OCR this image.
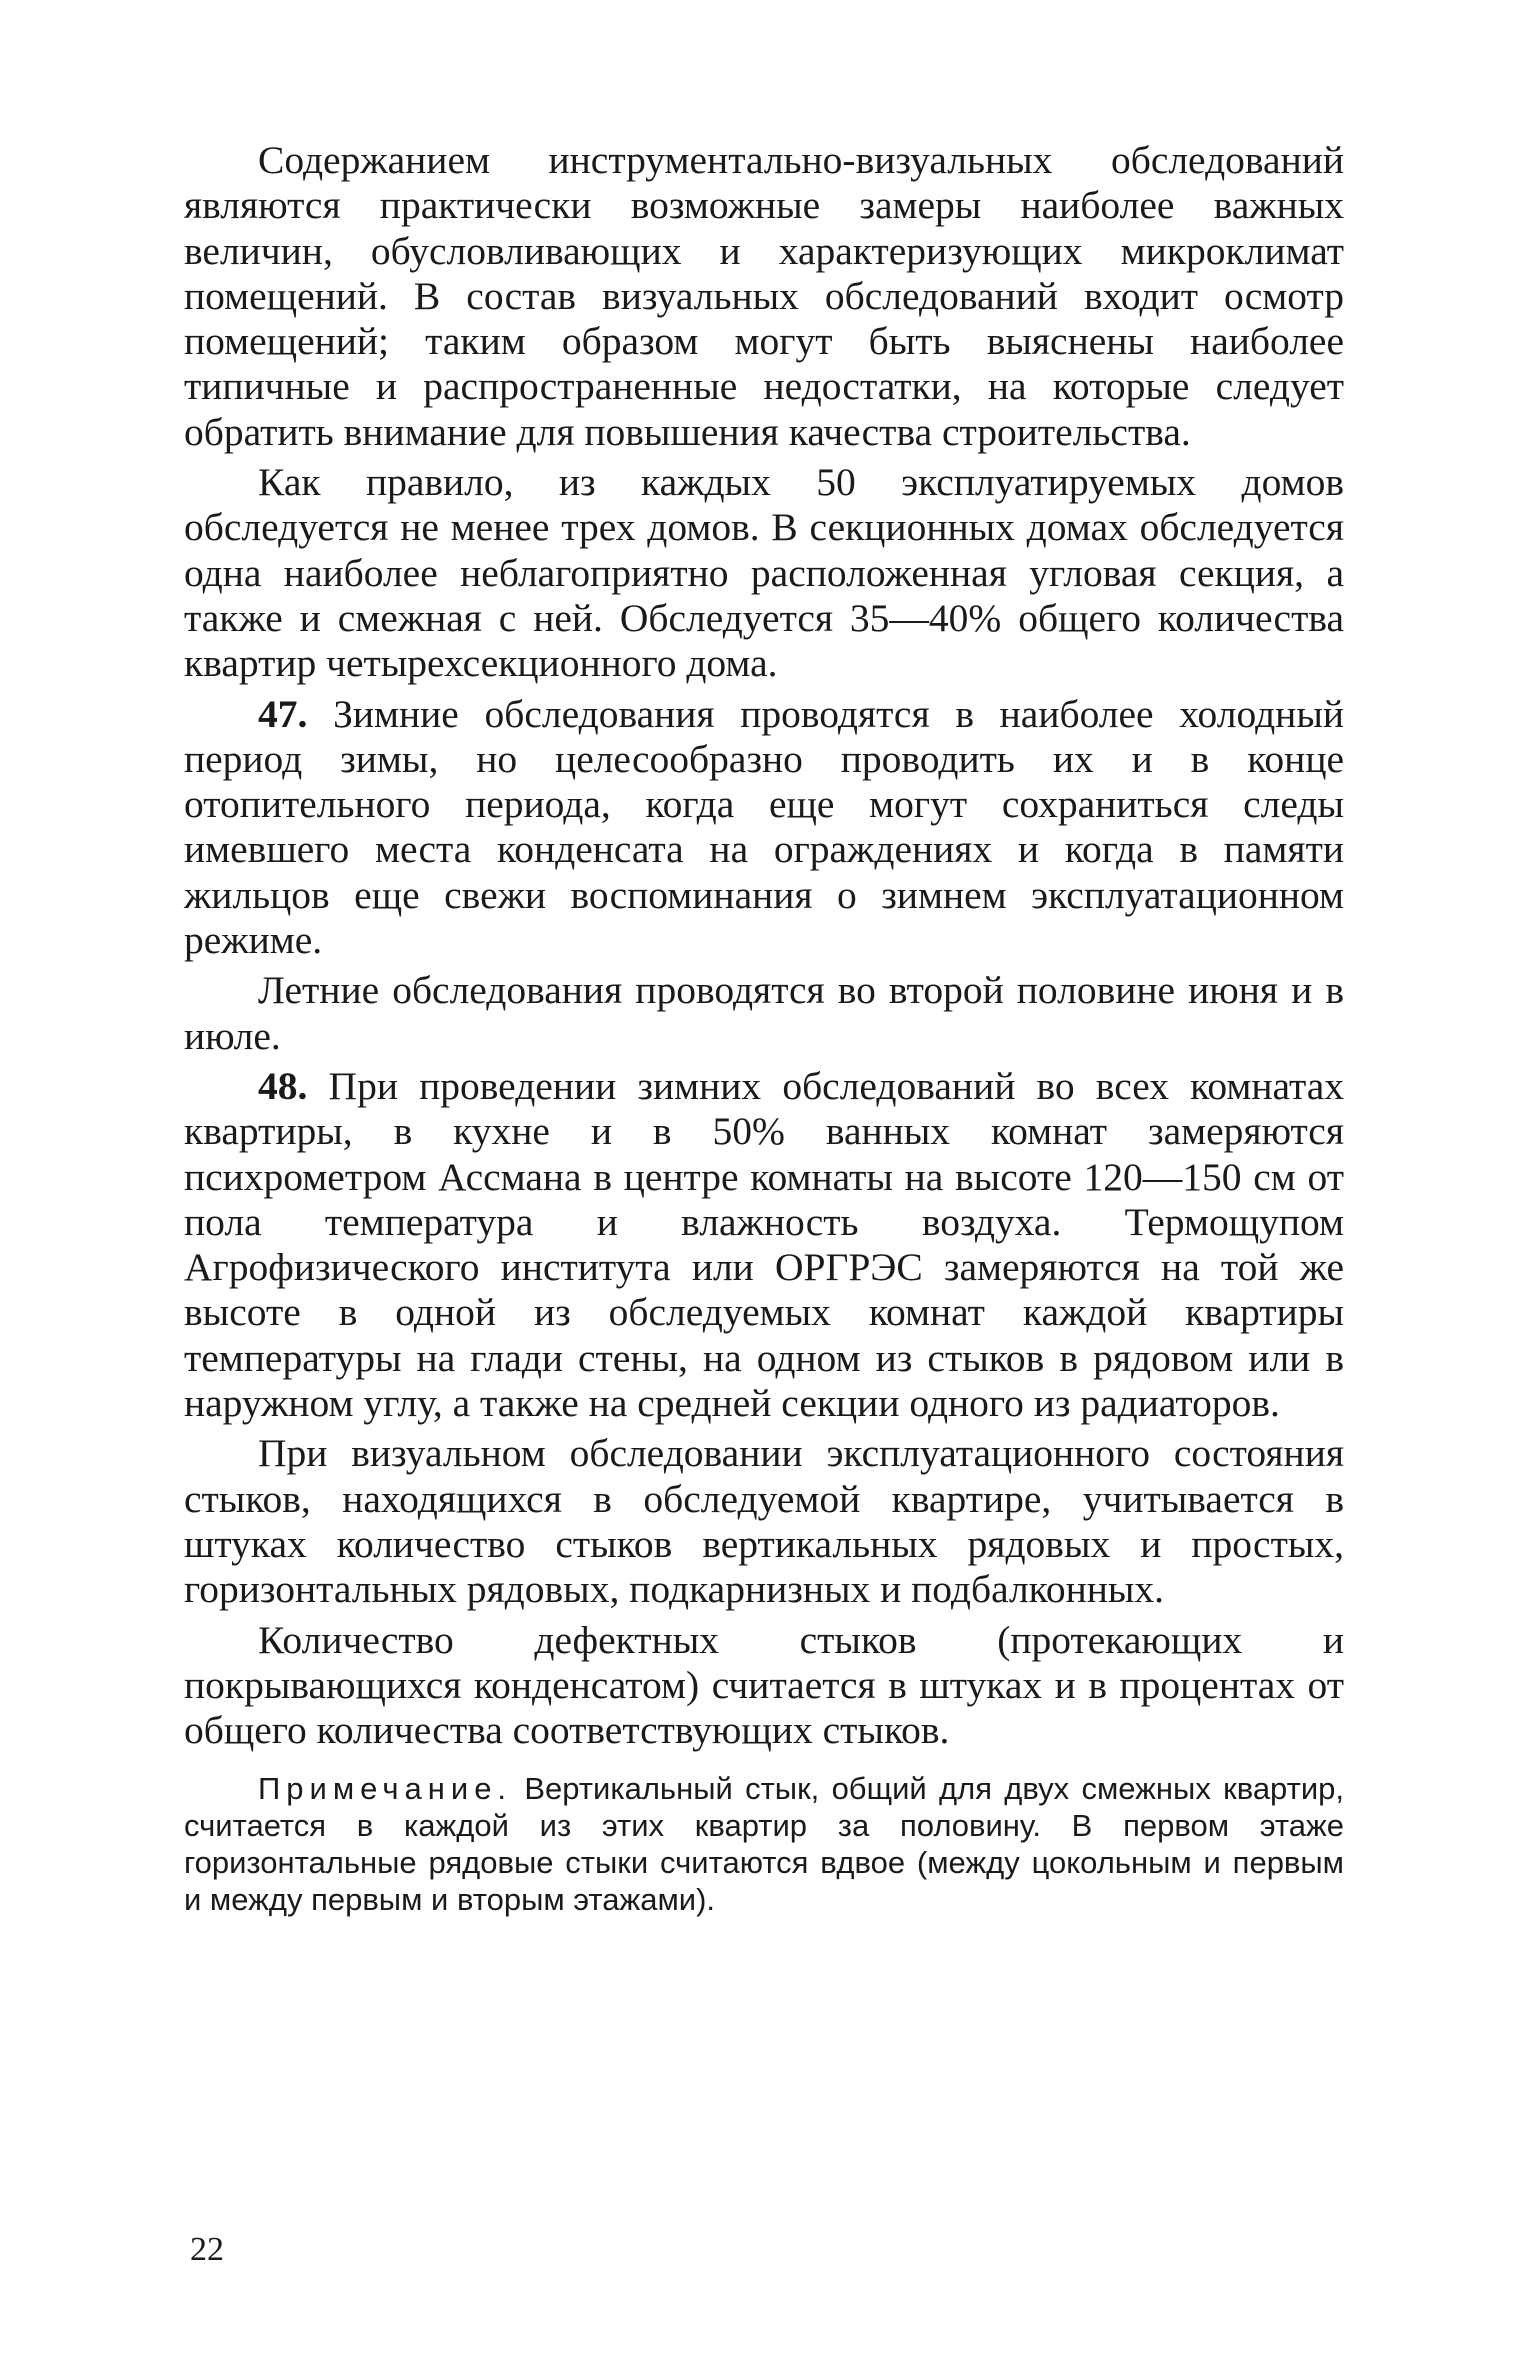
Содержанием инструментально-визуальных обследований являются практически возможные замеры наиболее важных величин, обусловливающих и характеризующих микроклимат помещений. В состав визуальных обследований входит осмотр помещений; таким образом могут быть выяснены наиболее типичные и распространенные недостатки, на которые следует обратить внимание для повышения качества строительства.

Как правило, из каждых 50 эксплуатируемых домов обследуется не менее трех домов. В секционных домах обследуется одна наиболее неблагоприятно расположенная угловая секция, а также и смежная с ней. Обследуется 35—40% общего количества квартир четырехсекционного дома.

47. Зимние обследования проводятся в наиболее холодный период зимы, но целесообразно проводить их и в конце отопительного периода, когда еще могут сохраниться следы имевшего места конденсата на ограждениях и когда в памяти жильцов еще свежи воспоминания о зимнем эксплуатационном режиме.

Летние обследования проводятся во второй половине июня и в июле.

48. При проведении зимних обследований во всех комнатах квартиры, в кухне и в 50% ванных комнат замеряются психрометром Ассмана в центре комнаты на высоте 120—150 см от пола температура и влажность воздуха. Термощупом Агрофизического института или ОРГРЭС замеряются на той же высоте в одной из обследуемых комнат каждой квартиры температуры на глади стены, на одном из стыков в рядовом или в наружном углу, а также на средней секции одного из радиаторов.

При визуальном обследовании эксплуатационного состояния стыков, находящихся в обследуемой квартире, учитывается в штуках количество стыков вертикальных рядовых и простых, горизонтальных рядовых, подкарнизных и подбалконных.

Количество дефектных стыков (протекающих и покрывающихся конденсатом) считается в штуках и в процентах от общего количества соответствующих стыков.

Примечание. Вертикальный стык, общий для двух смежных квартир, считается в каждой из этих квартир за половину. В первом этаже горизонтальные рядовые стыки считаются вдвое (между цокольным и первым и между первым и вторым этажами).

22
